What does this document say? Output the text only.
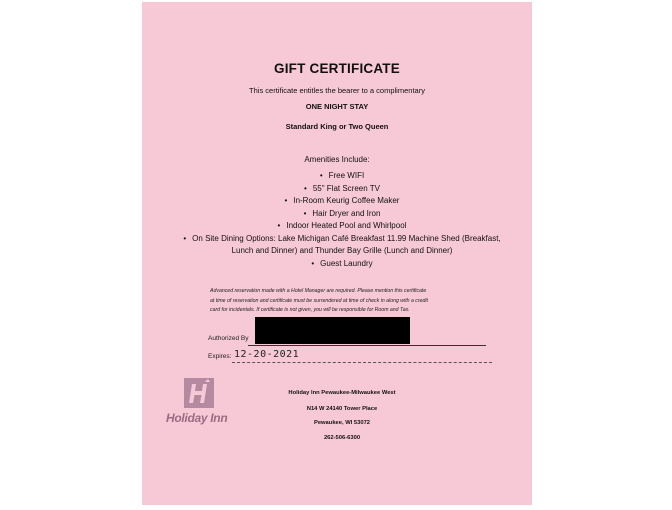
GIFT CERTIFICATE
This certificate entitles the bearer to a complimentary
ONE NIGHT STAY
Standard King or Two Queen
Amenities Include:
• Free WIFI
• 55" Flat Screen TV
• In-Room Keurig Coffee Maker
• Hair Dryer and Iron
• Indoor Heated Pool and Whirlpool
• On Site Dining Options: Lake Michigan Café Breakfast 11.99 Machine Shed (Breakfast, Lunch and Dinner) and Thunder Bay Grille (Lunch and Dinner)
• Guest Laundry
Advanced reservation made with a Hotel Manager are required. Please mention this certificate
at time of reservation and certificate must be surrendered at time of check in along with a credit
card for incidentals. If certificate is not given, you will be responsible for Room and Tax.
Authorized By
Expires: 12-20-2021
Holiday Inn
Holiday Inn Pewaukee-Milwaukee West
N14 W 24140 Tower Place
Pewaukee, WI 53072
262-506-6300
